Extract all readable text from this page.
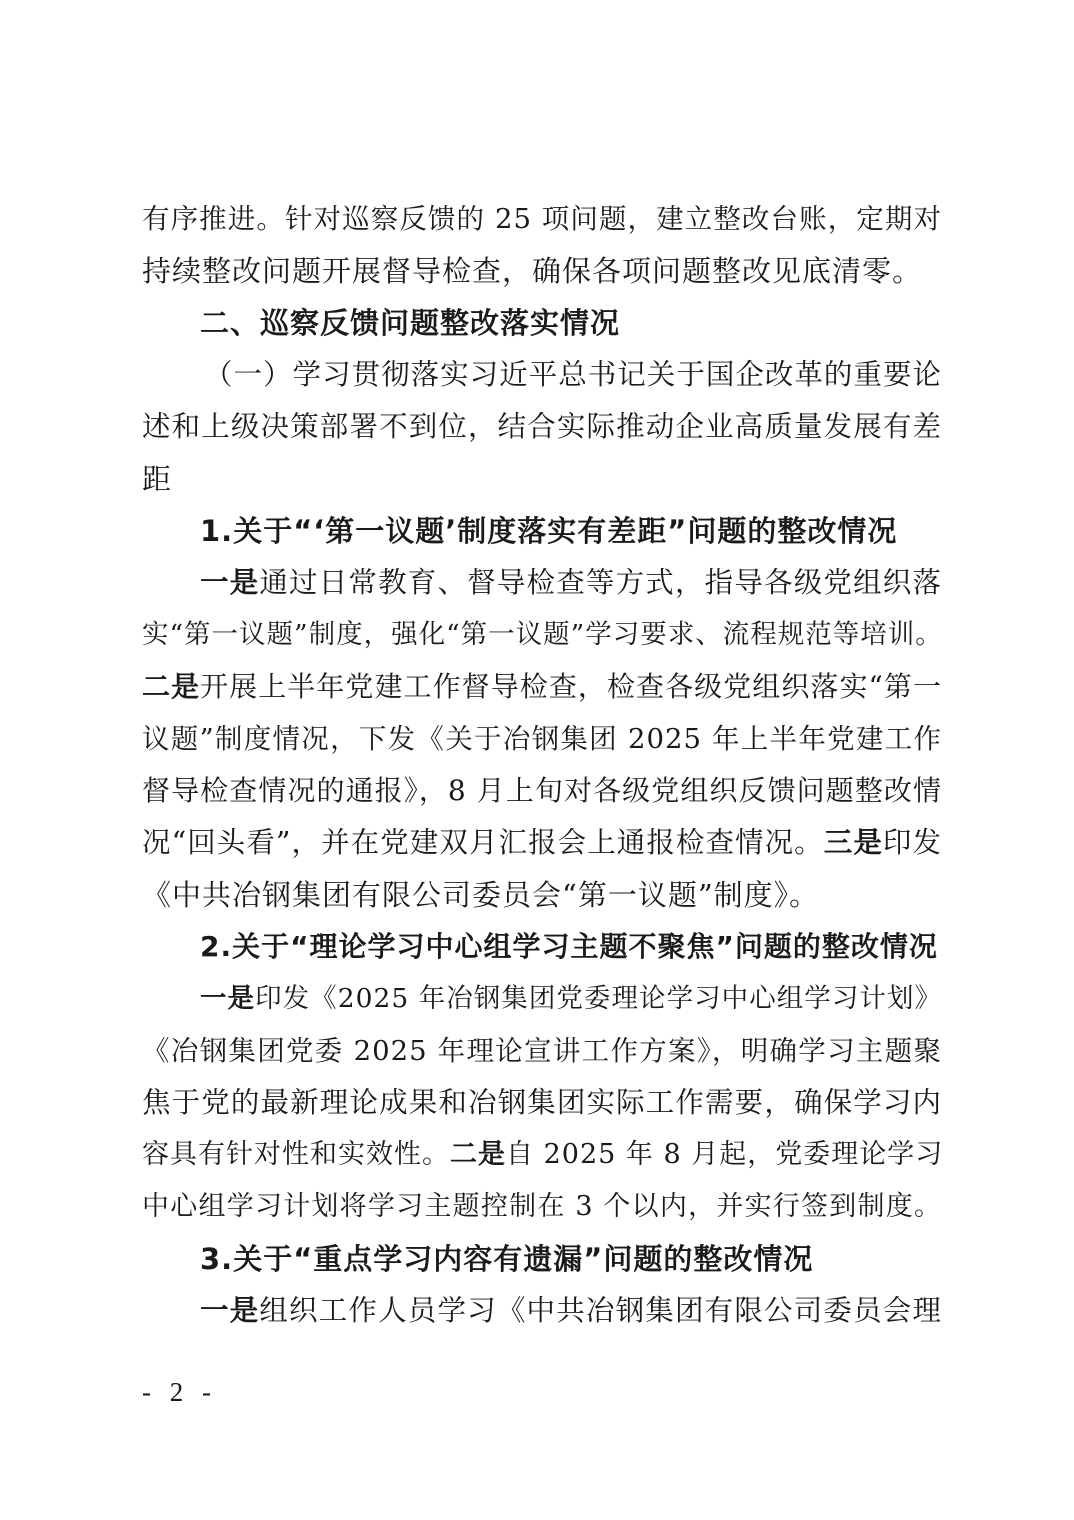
有序推进。针对巡察反馈的 25 项问题，建立整改台账，定期对
持续整改问题开展督导检查，确保各项问题整改见底清零。
二、巡察反馈问题整改落实情况
（一）学习贯彻落实习近平总书记关于国企改革的重要论
述和上级决策部署不到位，结合实际推动企业高质量发展有差
距
1.关于“‘第一议题’制度落实有差距”问题的整改情况
一是通过日常教育、督导检查等方式，指导各级党组织落
实“第一议题”制度，强化“第一议题”学习要求、流程规范等培训。
二是开展上半年党建工作督导检查，检查各级党组织落实“第一
议题”制度情况，下发《关于冶钢集团 2025 年上半年党建工作
督导检查情况的通报》，8 月上旬对各级党组织反馈问题整改情
况“回头看”，并在党建双月汇报会上通报检查情况。三是印发
《中共冶钢集团有限公司委员会“第一议题”制度》。
2.关于“理论学习中心组学习主题不聚焦”问题的整改情况
一是印发《2025 年冶钢集团党委理论学习中心组学习计划》
《冶钢集团党委 2025 年理论宣讲工作方案》，明确学习主题聚
焦于党的最新理论成果和冶钢集团实际工作需要，确保学习内
容具有针对性和实效性。二是自 2025 年 8 月起，党委理论学习
中心组学习计划将学习主题控制在 3 个以内，并实行签到制度。
3.关于“重点学习内容有遗漏”问题的整改情况
一是组织工作人员学习《中共冶钢集团有限公司委员会理
- 2 -
